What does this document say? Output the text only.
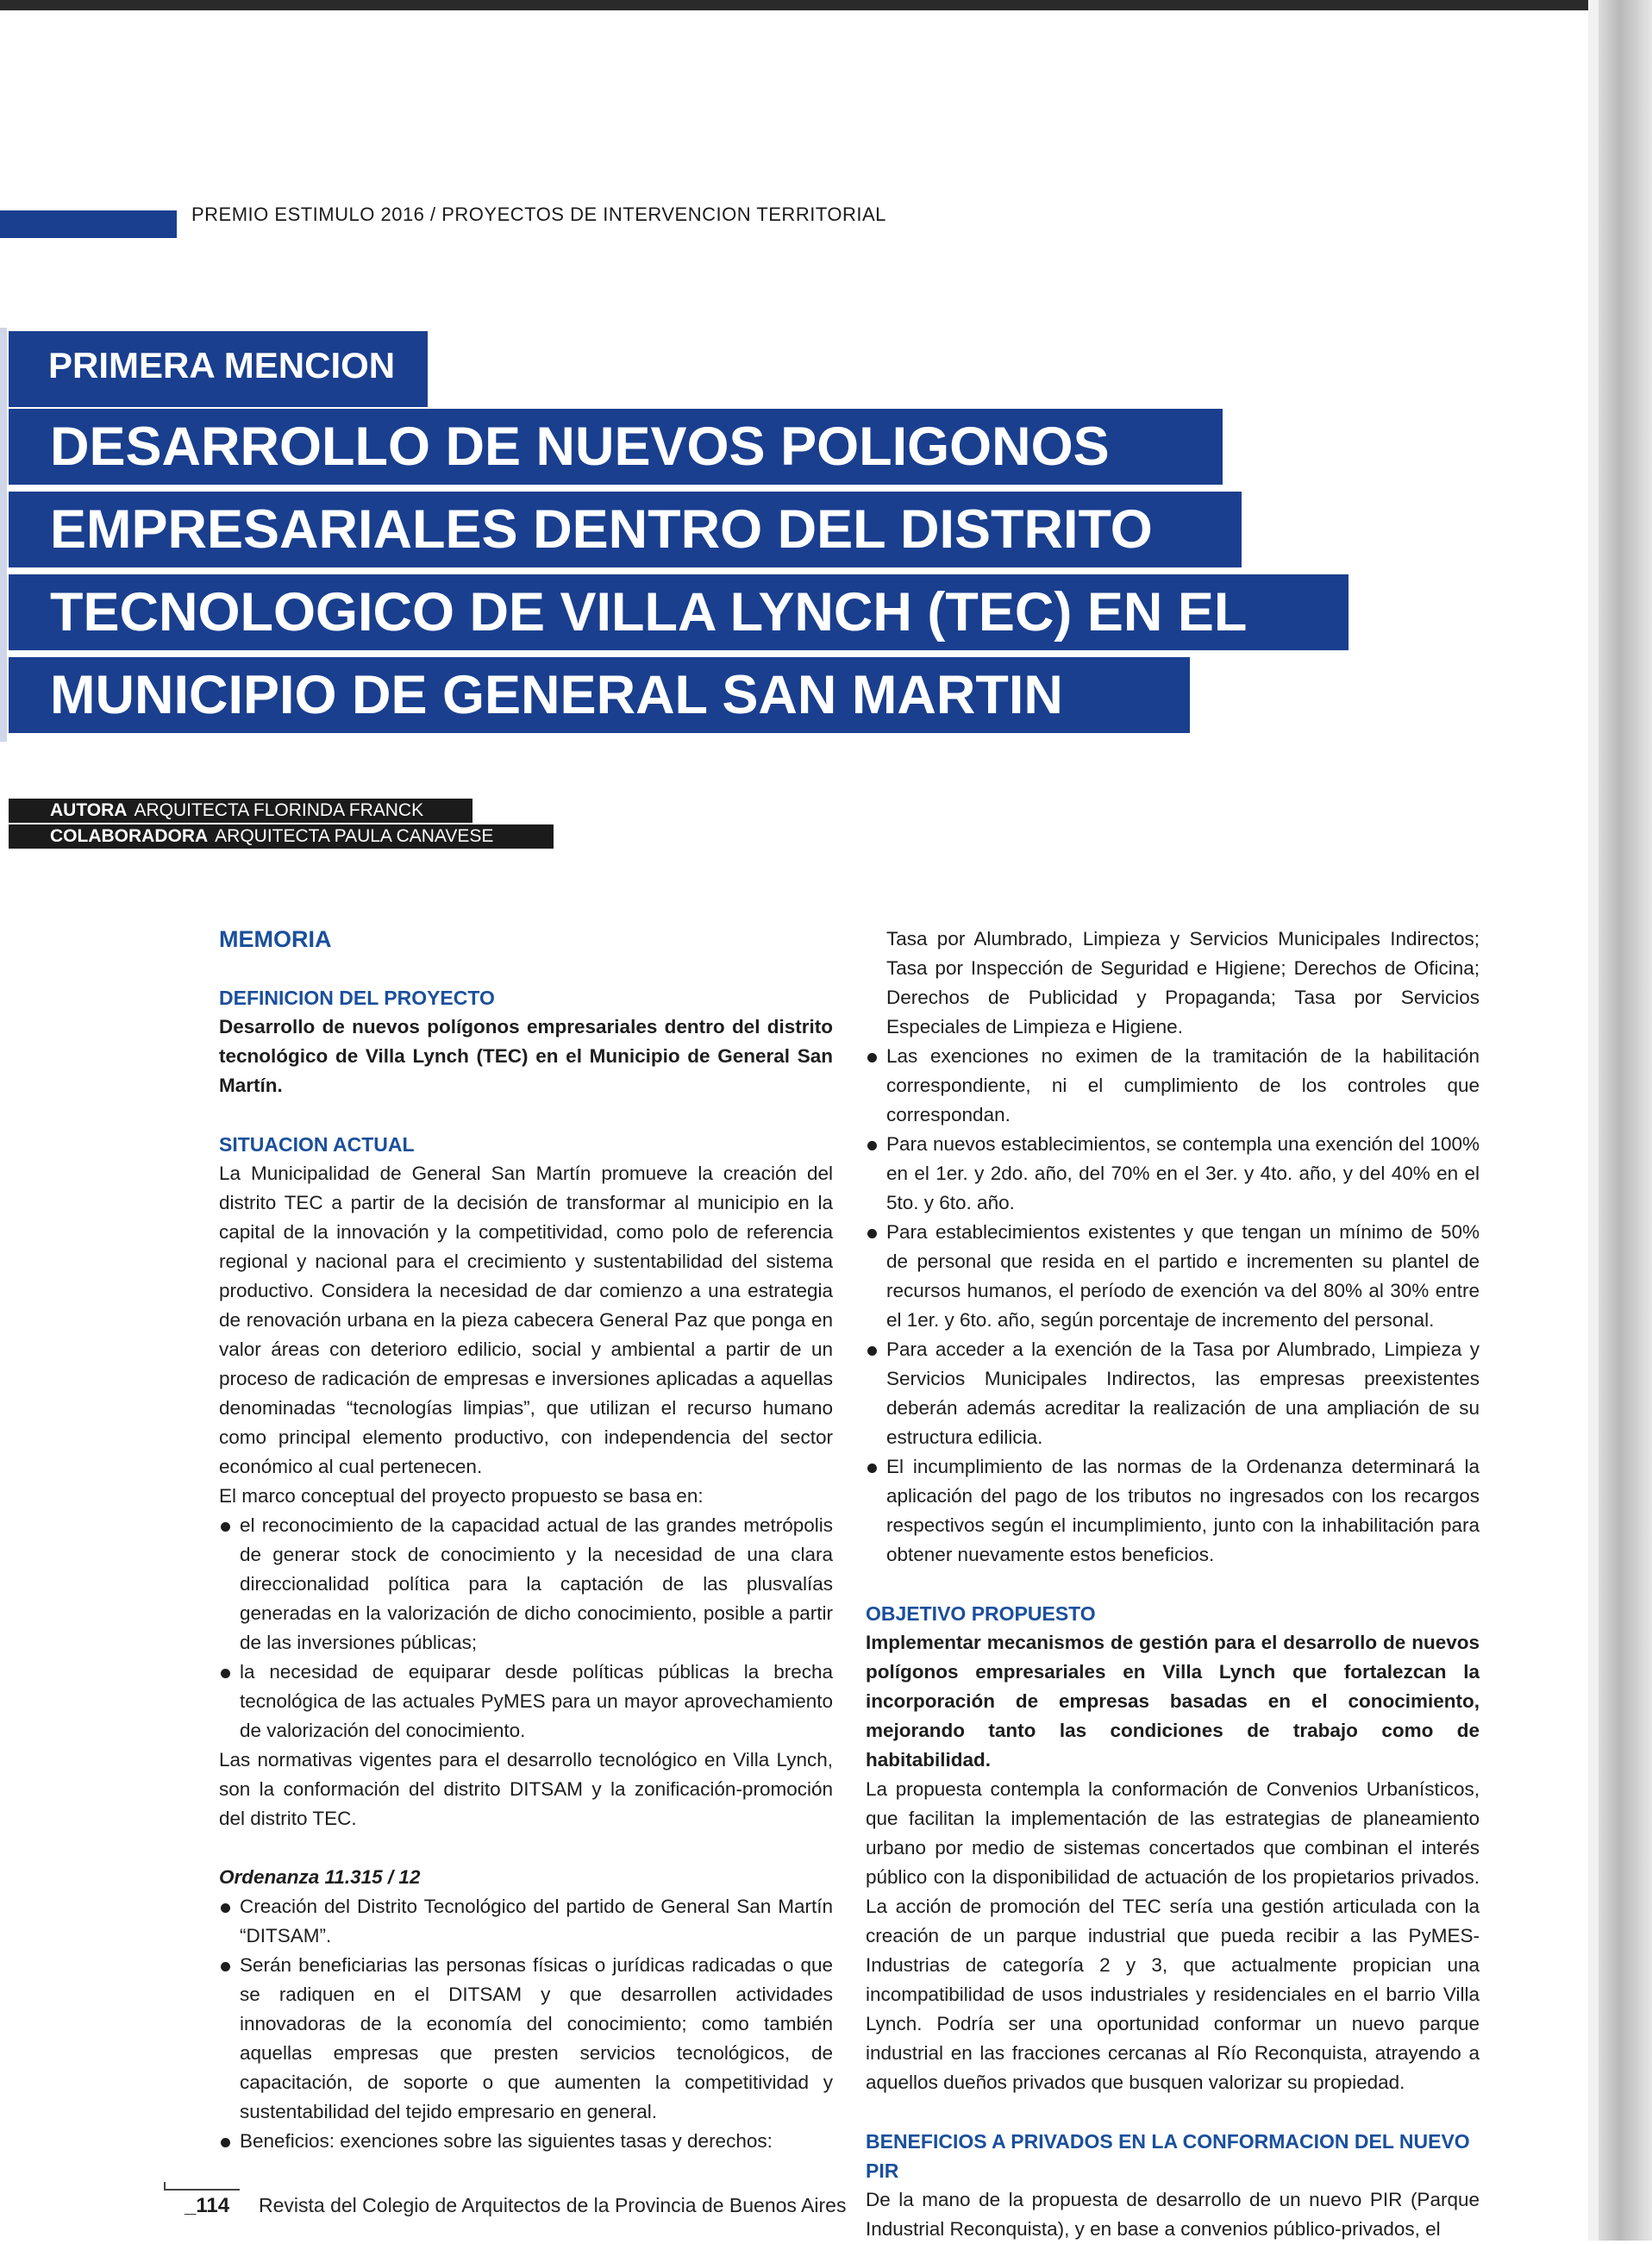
PREMIO ESTIMULO 2016 / PROYECTOS DE INTERVENCION TERRITORIAL
PRIMERA MENCION
DESARROLLO DE NUEVOS POLIGONOS
EMPRESARIALES DENTRO DEL DISTRITO
TECNOLOGICO DE VILLA LYNCH (TEC) EN EL
MUNICIPIO DE GENERAL SAN MARTIN
AUTORA ARQUITECTA FLORINDA FRANCK
COLABORADORA ARQUITECTA PAULA CANAVESE
MEMORIA
DEFINICION DEL PROYECTO

Desarrollo de nuevos polígonos empresariales dentro del distrito tecnológico de Villa Lynch (TEC) en el Municipio de General San Martín.

SITUACION ACTUAL

La Municipalidad de General San Martín promueve la creación del distrito TEC a partir de la decisión de transformar al municipio en la capital de la innovación y la competitividad, como polo de referencia regional y nacional para el crecimiento y sustentabilidad del sistema productivo. Considera la necesidad de dar comienzo a una estrategia de renovación urbana en la pieza cabecera General Paz que ponga en valor áreas con deterioro edilicio, social y ambiental a partir de un proceso de radicación de empresas e inversiones aplicadas a aquellas denominadas “tecnologías limpias”, que utilizan el recurso humano como principal elemento productivo, con independencia del sector económico al cual pertenecen.

El marco conceptual del proyecto propuesto se basa en:

el reconocimiento de la capacidad actual de las grandes metrópolis de generar stock de conocimiento y la necesidad de una clara direccionalidad política para la captación de las plusvalías generadas en la valorización de dicho conocimiento, posible a partir de las inversiones públicas;
la necesidad de equiparar desde políticas públicas la brecha tecnológica de las actuales PyMES para un mayor aprovechamiento de valorización del conocimiento.

Las normativas vigentes para el desarrollo tecnológico en Villa Lynch, son la conformación del distrito DITSAM y la zonificación-promoción del distrito TEC.

Ordenanza 11.315 / 12
Creación del Distrito Tecnológico del partido de General San Martín “DITSAM”.
Serán beneficiarias las personas físicas o jurídicas radicadas o que se radiquen en el DITSAM y que desarrollen actividades innovadoras de la economía del conocimiento; como también aquellas empresas que presten servicios tecnológicos, de capacitación, de soporte o que aumenten la competitividad y sustentabilidad del tejido empresario en general.
Beneficios: exenciones sobre las siguientes tasas y derechos:

Tasa por Alumbrado, Limpieza y Servicios Municipales Indirectos; Tasa por Inspección de Seguridad e Higiene; Derechos de Oficina; Derechos de Publicidad y Propaganda; Tasa por Servicios Especiales de Limpieza e Higiene.

Las exenciones no eximen de la tramitación de la habilitación correspondiente, ni el cumplimiento de los controles que correspondan.
Para nuevos establecimientos, se contempla una exención del 100% en el 1er. y 2do. año, del 70% en el 3er. y 4to. año, y del 40% en el 5to. y 6to. año.
Para establecimientos existentes y que tengan un mínimo de 50% de personal que resida en el partido e incrementen su plantel de recursos humanos, el período de exención va del 80% al 30% entre el 1er. y 6to. año, según porcentaje de incremento del personal.
Para acceder a la exención de la Tasa por Alumbrado, Limpieza y Servicios Municipales Indirectos, las empresas preexistentes deberán además acreditar la realización de una ampliación de su estructura edilicia.
El incumplimiento de las normas de la Ordenanza determinará la aplicación del pago de los tributos no ingresados con los recargos respectivos según el incumplimiento, junto con la inhabilitación para obtener nuevamente estos beneficios.
OBJETIVO PROPUESTO

Implementar mecanismos de gestión para el desarrollo de nuevos polígonos empresariales en Villa Lynch que fortalezcan la incorporación de empresas basadas en el conocimiento, mejorando tanto las condiciones de trabajo como de habitabilidad.

La propuesta contempla la conformación de Convenios Urbanísticos, que facilitan la implementación de las estrategias de planeamiento urbano por medio de sistemas concertados que combinan el interés público con la disponibilidad de actuación de los propietarios privados. La acción de promoción del TEC sería una gestión articulada con la creación de un parque industrial que pueda recibir a las PyMES-Industrias de categoría 2 y 3, que actualmente propician una incompatibilidad de usos industriales y residenciales en el barrio Villa Lynch. Podría ser una oportunidad conformar un nuevo parque industrial en las fracciones cercanas al Río Reconquista, atrayendo a aquellos dueños privados que busquen valorizar su propiedad.

BENEFICIOS A PRIVADOS EN LA CONFORMACION DEL NUEVO PIR

De la mano de la propuesta de desarrollo de un nuevo PIR (Parque Industrial Reconquista), y en base a convenios público-privados, el

_114 Revista del Colegio de Arquitectos de la Provincia de Buenos Aires
